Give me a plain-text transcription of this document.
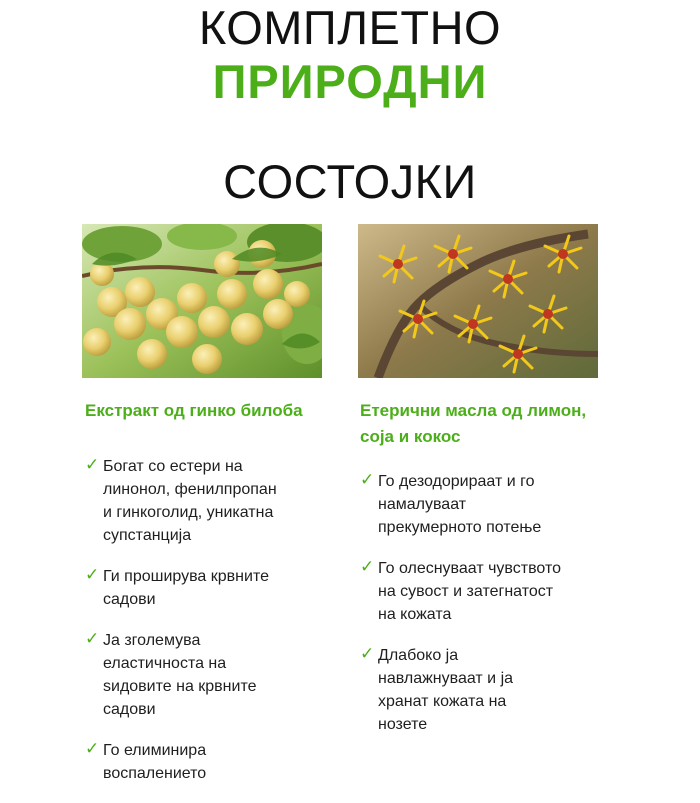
КОМПЛЕТНО
ПРИРОДНИ
СОСТОЈКИ
Екстракт од гинко билоба
✓ Богат со естери на
линонол, фенилпропан
и гинкоголид, уникатна
супстанција
✓ Ги проширува крвните
садови
✓ Ја зголемува
еластичноста на
ѕидовите на крвните
садови
✓ Го елиминира
воспалението
Етерични масла од лимон,
соја и кокос
✓ Го дезодорираат и го
намалуваат
прекумерното потење
✓ Го олеснуваат чувството
на сувост и затегнатост
на кожата
✓ Длабоко ја
навлажнуваат и ја
хранат кожата на
нозете
